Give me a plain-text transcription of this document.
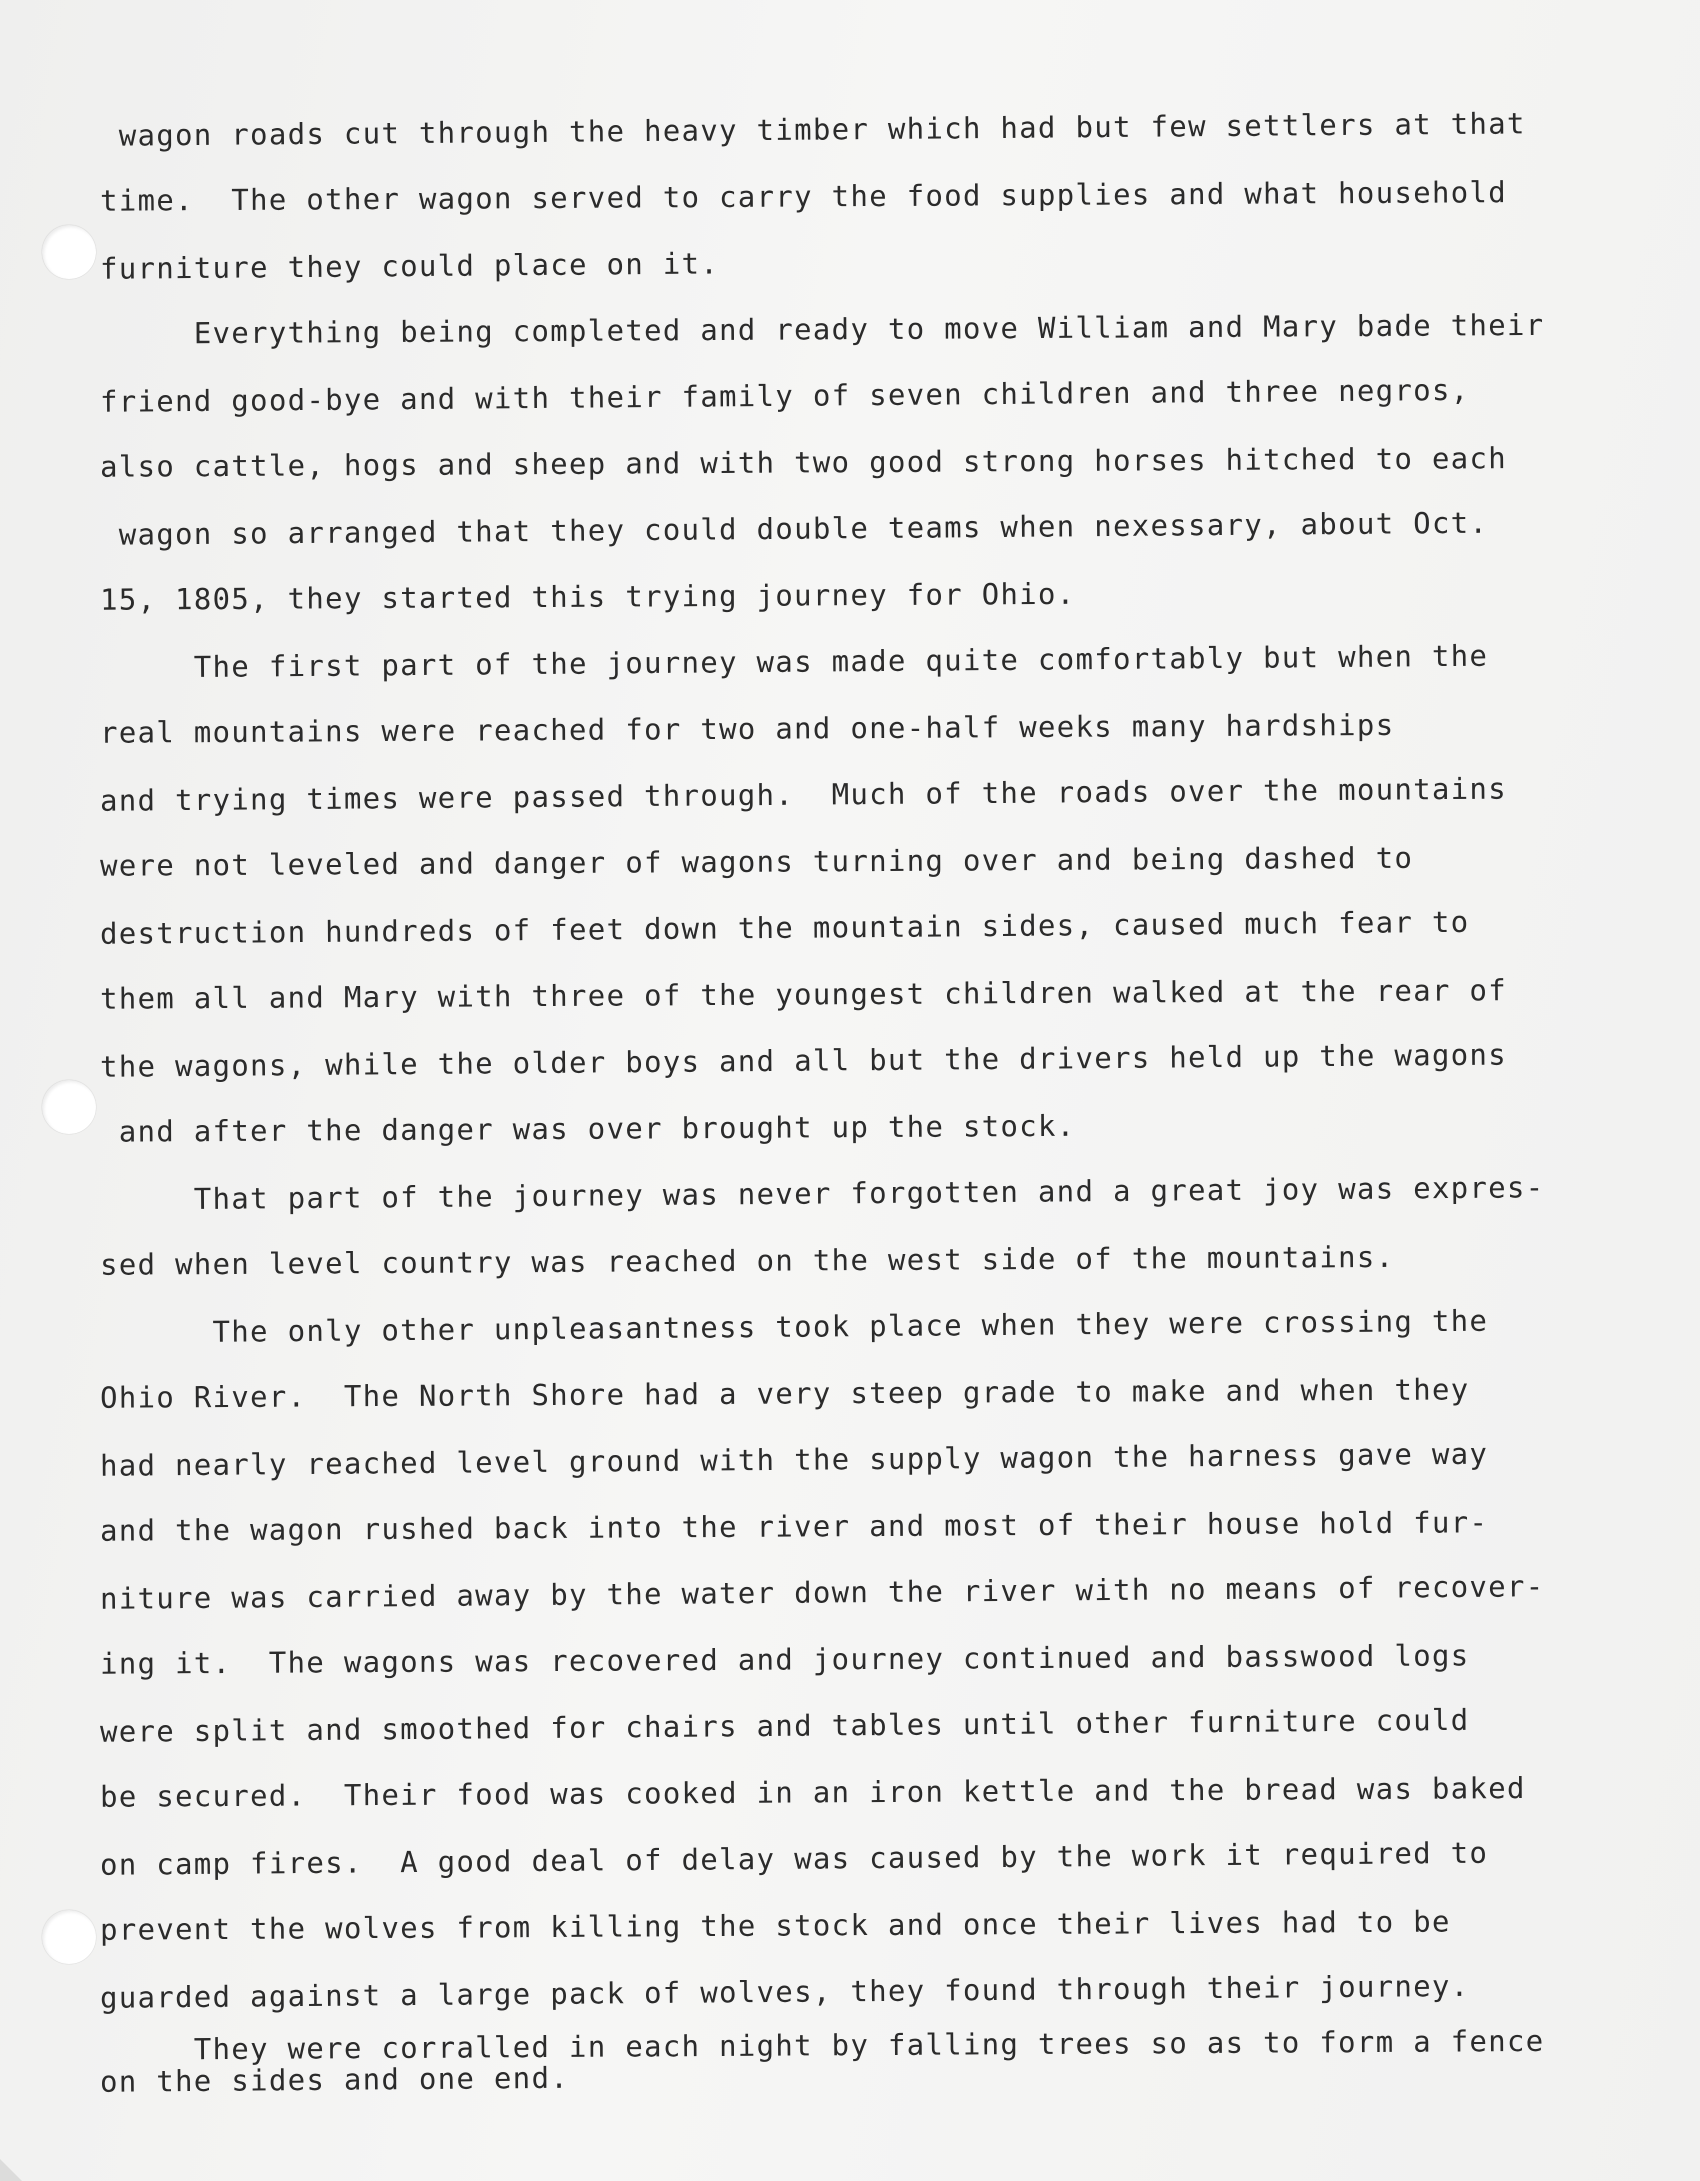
wagon roads cut through the heavy timber which had but few settlers at that
time.  The other wagon served to carry the food supplies and what household
furniture they could place on it.
Everything being completed and ready to move William and Mary bade their
friend good-bye and with their family of seven children and three negros,
also cattle, hogs and sheep and with two good strong horses hitched to each
wagon so arranged that they could double teams when nexessary, about Oct.
15, 1805, they started this trying journey for Ohio.
The first part of the journey was made quite comfortably but when the
real mountains were reached for two and one-half weeks many hardships
and trying times were passed through.  Much of the roads over the mountains
were not leveled and danger of wagons turning over and being dashed to
destruction hundreds of feet down the mountain sides, caused much fear to
them all and Mary with three of the youngest children walked at the rear of
the wagons, while the older boys and all but the drivers held up the wagons
and after the danger was over brought up the stock.
That part of the journey was never forgotten and a great joy was expres-
sed when level country was reached on the west side of the mountains.
The only other unpleasantness took place when they were crossing the
Ohio River.  The North Shore had a very steep grade to make and when they
had nearly reached level ground with the supply wagon the harness gave way
and the wagon rushed back into the river and most of their house hold fur-
niture was carried away by the water down the river with no means of recover-
ing it.  The wagons was recovered and journey continued and basswood logs
were split and smoothed for chairs and tables until other furniture could
be secured.  Their food was cooked in an iron kettle and the bread was baked
on camp fires.  A good deal of delay was caused by the work it required to
prevent the wolves from killing the stock and once their lives had to be
guarded against a large pack of wolves, they found through their journey.
They were corralled in each night by falling trees so as to form a fence
on the sides and one end.
